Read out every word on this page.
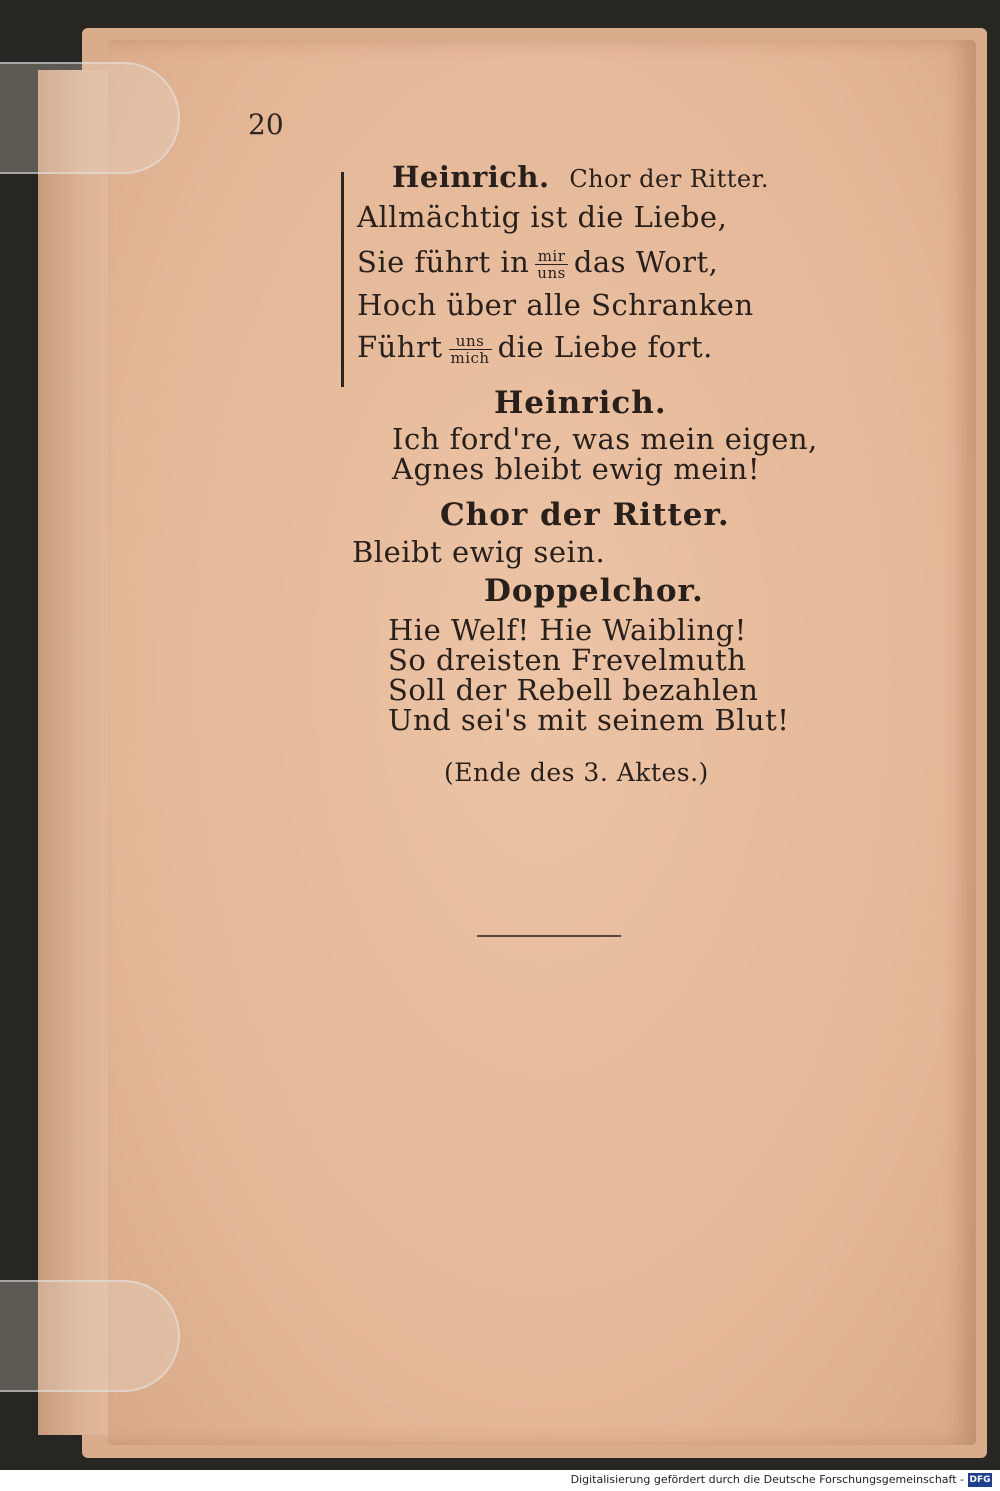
20
Heinrich. Chor der Ritter.
Allmächtig ist die Liebe,
Sie führt in $\frac{\text{mir}}{\text{uns}}$ das Wort,
Hoch über alle Schranken
Führt $\frac{\text{uns}}{\text{mich}}$ die Liebe fort.
Heinrich.
Ich ford're, was mein eigen,
Agnes bleibt ewig mein!
Chor der Ritter.
Bleibt ewig sein.
Doppelchor.
Hie Welf! Hie Waibling!
So dreisten Frevelmuth
Soll der Rebell bezahlen
Und sei's mit seinem Blut!
(Ende des 3. Aktes.)
Digitalisierung gefördert durch die Deutsche Forschungsgemeinschaft - DFG
